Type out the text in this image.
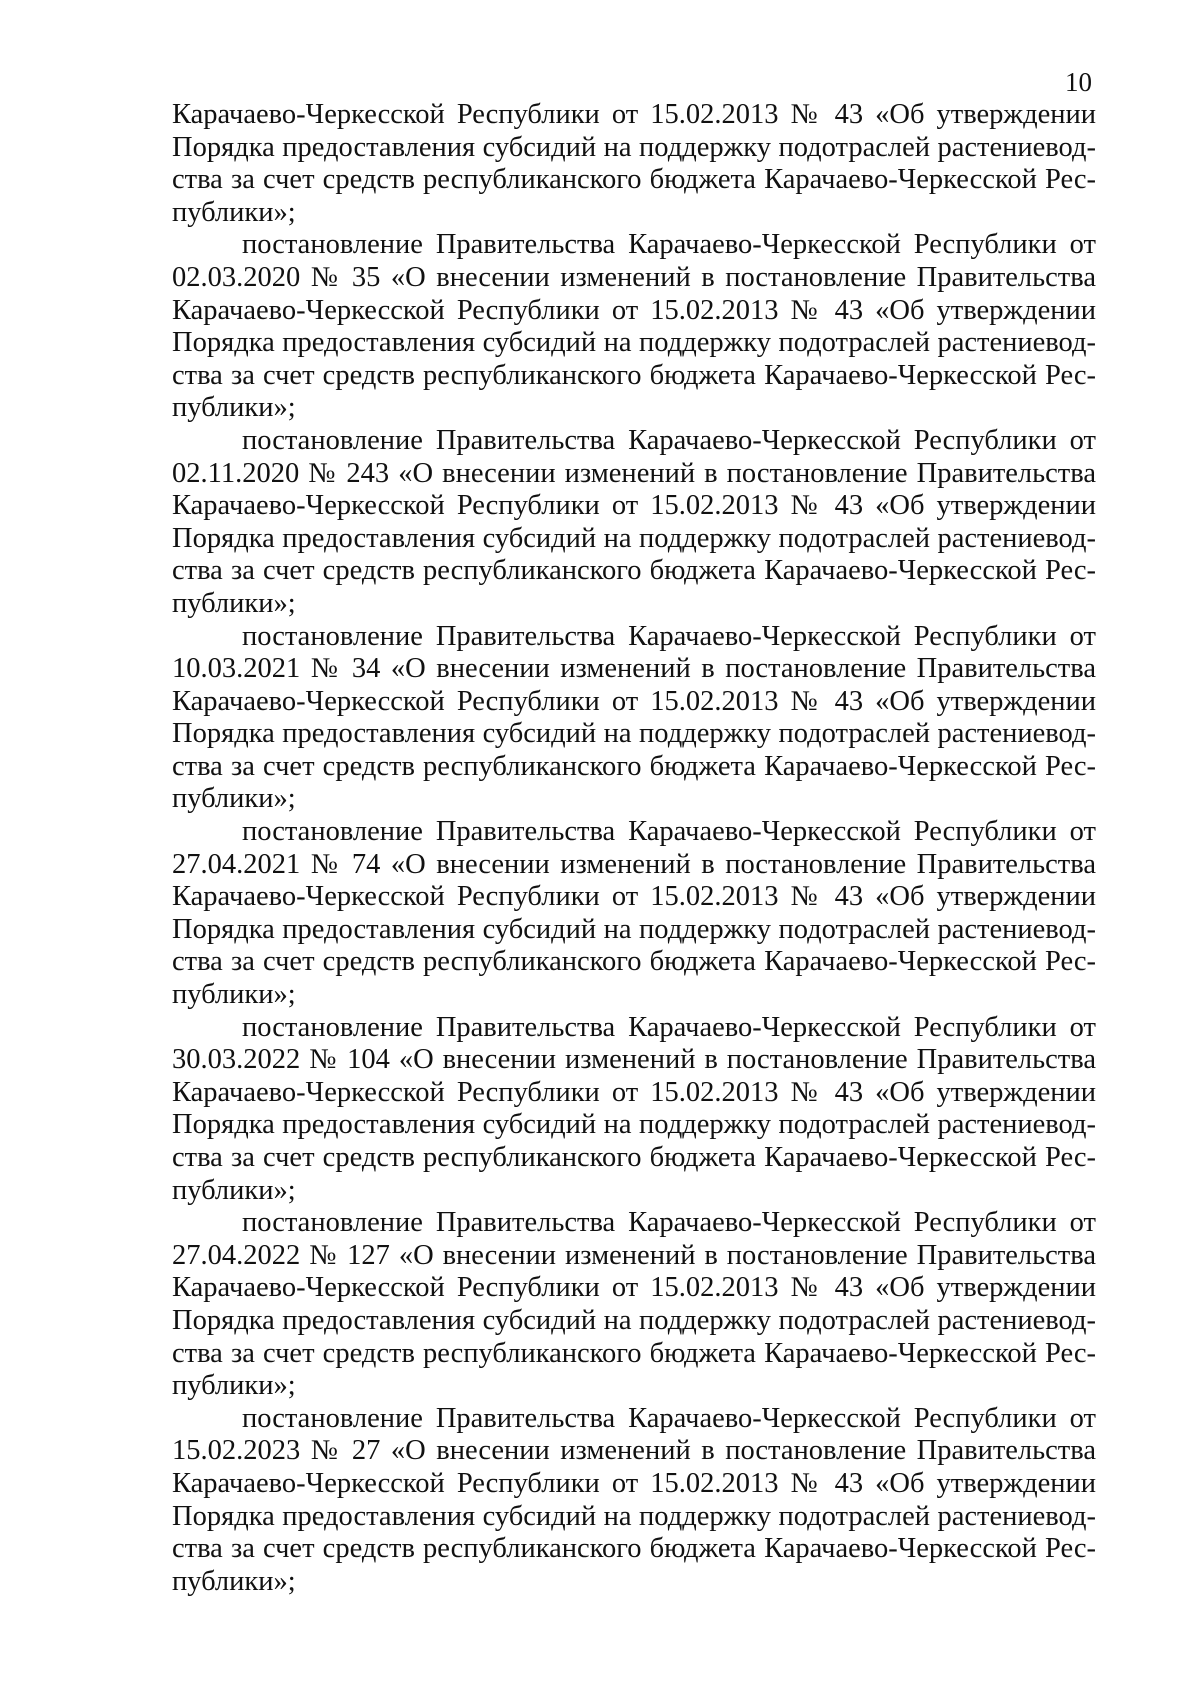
10

Карачаево-Черкесской Республики от 15.02.2013 № 43 «Об утверждении Порядка предоставления субсидий на поддержку подотраслей растениеводства за счет средств республиканского бюджета Карачаево-Черкесской Республики»;

постановление Правительства Карачаево-Черкесской Республики от 02.03.2020 № 35 «О внесении изменений в постановление Правительства Карачаево-Черкесской Республики от 15.02.2013 № 43 «Об утверждении Порядка предоставления субсидий на поддержку подотраслей растениеводства за счет средств республиканского бюджета Карачаево-Черкесской Республики»;

постановление Правительства Карачаево-Черкесской Республики от 02.11.2020 № 243 «О внесении изменений в постановление Правительства Карачаево-Черкесской Республики от 15.02.2013 № 43 «Об утверждении Порядка предоставления субсидий на поддержку подотраслей растениеводства за счет средств республиканского бюджета Карачаево-Черкесской Республики»;

постановление Правительства Карачаево-Черкесской Республики от 10.03.2021 № 34 «О внесении изменений в постановление Правительства Карачаево-Черкесской Республики от 15.02.2013 № 43 «Об утверждении Порядка предоставления субсидий на поддержку подотраслей растениеводства за счет средств республиканского бюджета Карачаево-Черкесской Республики»;

постановление Правительства Карачаево-Черкесской Республики от 27.04.2021 № 74 «О внесении изменений в постановление Правительства Карачаево-Черкесской Республики от 15.02.2013 № 43 «Об утверждении Порядка предоставления субсидий на поддержку подотраслей растениеводства за счет средств республиканского бюджета Карачаево-Черкесской Республики»;

постановление Правительства Карачаево-Черкесской Республики от 30.03.2022 № 104 «О внесении изменений в постановление Правительства Карачаево-Черкесской Республики от 15.02.2013 № 43 «Об утверждении Порядка предоставления субсидий на поддержку подотраслей растениеводства за счет средств республиканского бюджета Карачаево-Черкесской Республики»;

постановление Правительства Карачаево-Черкесской Республики от 27.04.2022 № 127 «О внесении изменений в постановление Правительства Карачаево-Черкесской Республики от 15.02.2013 № 43 «Об утверждении Порядка предоставления субсидий на поддержку подотраслей растениеводства за счет средств республиканского бюджета Карачаево-Черкесской Республики»;

постановление Правительства Карачаево-Черкесской Республики от 15.02.2023 № 27 «О внесении изменений в постановление Правительства Карачаево-Черкесской Республики от 15.02.2013 № 43 «Об утверждении Порядка предоставления субсидий на поддержку подотраслей растениеводства за счет средств республиканского бюджета Карачаево-Черкесской Республики»;
